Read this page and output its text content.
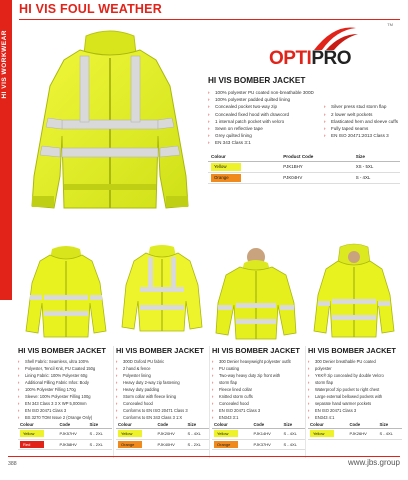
HI VIS WORKWEAR
HI VIS FOUL WEATHER
TM
OPTIPRO
HI VIS BOMBER JACKET
› 100% polyester PU coated non-breathable 300D
› 100% polyester padded quilted lining
› Concealed pocket two-way zip
› Concealed fixed hood with drawcord
› 1 internal patch pocket with velcro
› Sewn on reflective tape
› Grey quilted lining
› EN 343 Class 3:1
› Silver press stud storm flap
› 2 lower welt pockets
› Elasticated hem and sleeve cuffs
› Fully taped seams
› EN ISO 20471:2013 Class 3
Colour	Product Code	Size
Yellow	PJK1BHY	XS - 5XL
Orange	PJK04HV	S - 4XL
HI VIS BOMBER JACKET
› Shell Fabric: Seamless, ultra 100%
› Polyester, Tencil Knit, PU Coated 150g
› Lining Fabric: 100% Polyester 60g
› Additional Filling Fabric Infos: Body
› 100% Polyester Filling 170g
› Sleeve: 100% Polyester Filling 100g
› EN 343 Class 3 3 X WP 5,000mm
› EN ISO 20471 Class 3
› BS 3270 TOM Issue 2 (Orange Only)
Colour	Code	Size
Yellow	PJK57HV	S - 2XL
Red	PJK58HV	S - 2XL
HI VIS BOMBER JACKET
› 300D Oxford PU fabric
› 2 hand & fence
› Polyester lining
› Heavy duty 2-way zip fastening
› Heavy duty padding
› Storm collar with fleece lining
› Concealed hood
› Conforms to EN ISO 20471 Class 3
› Conforms to EN 343 Class 3 1:X
Colour	Code	Size
Yellow	PJK20HV	S - 4XL
Orange	PJK40HV	S - 2XL
HI VIS BOMBER JACKET
› 300 Denier heavyweight polyester outfit
› PU coating
› Two-way heavy duty zip front with
› storm flap
› Fleece lined collar
› Knitted storm cuffs
› Concealed hood
› EN ISO 20471 Class 3
› EN343 3:1
Colour	Code	Size
Yellow	PJK14HV	S - 4XL
Orange	PJK37HV	S - 4XL
HI VIS BOMBER JACKET
› 300 Denier breathable PU coated
› polyester
› YKK® zip concealed by double Velcro
› storm flap
› Waterproof zip pocket to right chest
› Large external bellowed pockets with
› separate hand warmer pockets
› EN ISO 20471 Class 3
› EN343 4:1
Colour	Code	Size
Yellow	PJK26HV	S - 4XL
388	www.jbs.group
